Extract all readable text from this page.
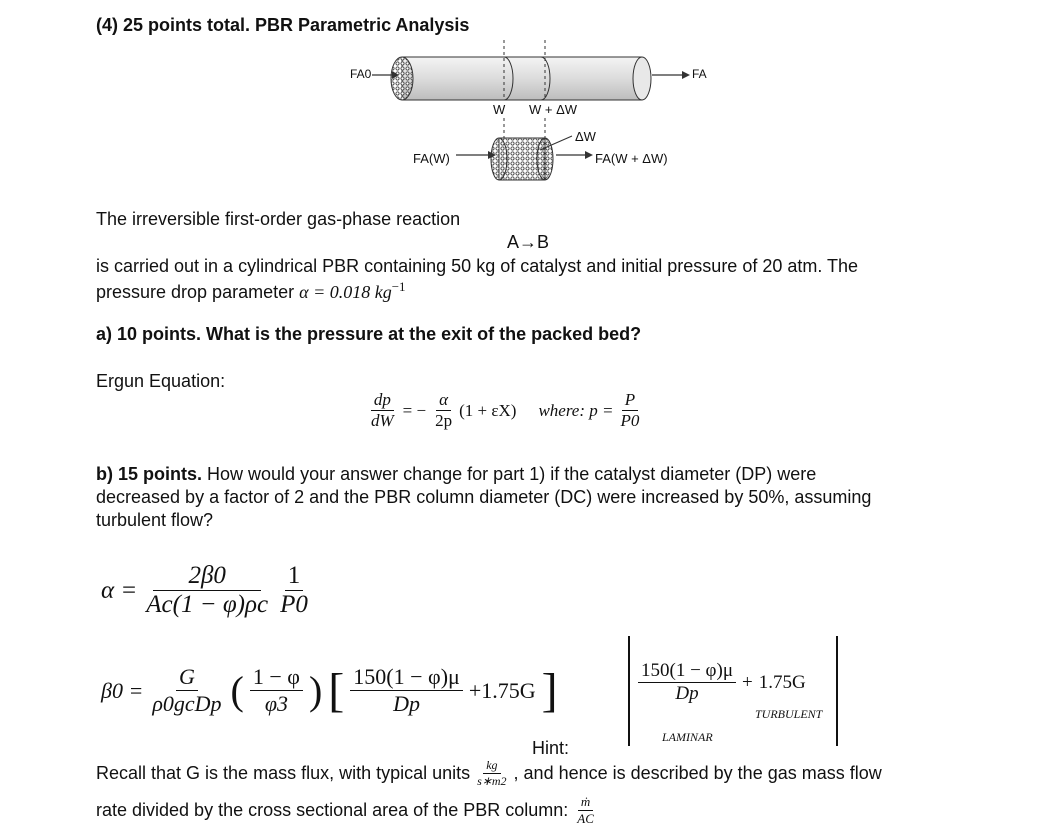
(4) 25 points total. PBR Parametric Analysis
FA0	FA
W W + ΔW
ΔW
FA(W)	FA(W + ΔW)
The irreversible first-order gas-phase reaction
A→B
is carried out in a cylindrical PBR containing 50 kg of catalyst and initial pressure of 20 atm. The
pressure drop parameter α = 0.018 $kg^{-1}$
a) 10 points. What is the pressure at the exit of the packed bed?
Ergun Equation:
$\frac{dp}{dW}$ = − $\frac{\alpha}{2p} (1 + \varepsilon X)$ where: $p = \frac{P}{P0}$
b) 15 points. How would your answer change for part 1) if the catalyst diameter (DP) were
decreased by a factor of 2 and the PBR column diameter (DC) were increased by 50%, assuming
turbulent flow?
$\alpha = \frac{2\beta 0}{Ac(1 - \varphi)\rho c} \frac{1}{P0}$
$\beta 0 = \frac{G}{\text{ρ0gcDp}}$ ( $\frac{1 - \varphi}{\varphi 3}$ ) [ $\frac{150(1 - \varphi)\mu}{Dp} +1.75G$ ]	$\frac{150(1 - \varphi)\mu}{Dp} + 1.75G$
LAMINAR
TURBULENT
Hint:
Recall that G is the mass flux, with typical units $\frac{kg}{s∗m2}$ , and hence is described by the gas mass flow
rate divided by the cross sectional area of the PBR column: $\frac{\text{ṁ}}{AC}$
